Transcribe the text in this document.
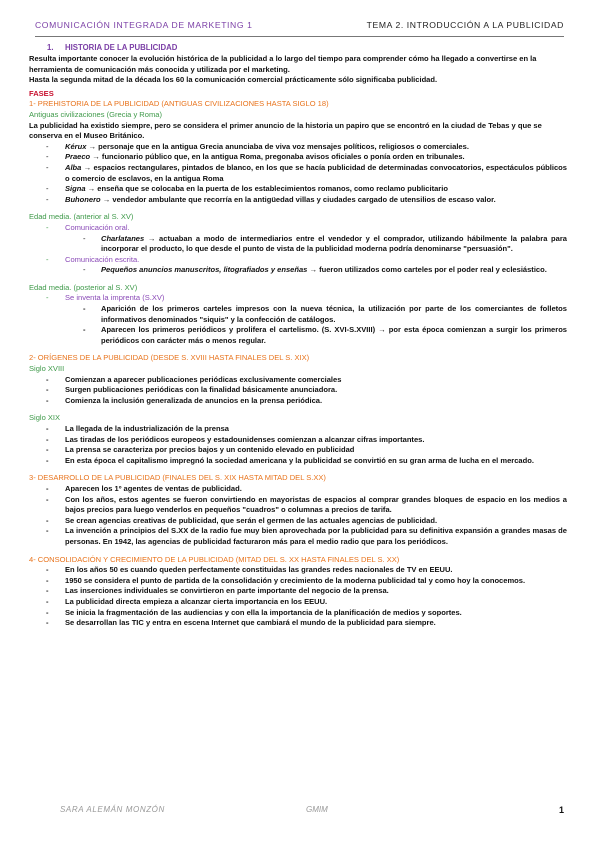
COMUNICACIÓN INTEGRADA DE MARKETING 1	TEMA 2. INTRODUCCIÓN A LA PUBLICIDAD
1. HISTORIA DE LA PUBLICIDAD

Resulta importante conocer la evolución histórica de la publicidad a lo largo del tiempo para comprender cómo ha llegado a convertirse en la herramienta de comunicación más conocida y utilizada por el marketing.

Hasta la segunda mitad de la década los 60 la comunicación comercial prácticamente sólo significaba publicidad.

FASES
1- PREHISTORIA DE LA PUBLICIDAD (ANTIGUAS CIVILIZACIONES HASTA SIGLO 18)
Antiguas civilizaciones (Grecia y Roma)

La publicidad ha existido siempre, pero se considera el primer anuncio de la historia un papiro que se encontró en la ciudad de Tebas y que se conserva en el Museo Británico.

- Kérux → personaje que en la antigua Grecia anunciaba de viva voz mensajes políticos, religiosos o comerciales.
- Praeco → funcionario público que, en la antigua Roma, pregonaba avisos oficiales o ponía orden en tribunales.
- Alba → espacios rectangulares, pintados de blanco, en los que se hacía publicidad de determinadas convocatorios, espectáculos públicos o comercio de esclavos, en la antigua Roma
- Signa → enseña que se colocaba en la puerta de los establecimientos romanos, como reclamo publicitario
- Buhonero → vendedor ambulante que recorría en la antigüedad villas y ciudades cargado de utensilios de escaso valor.
Edad media. (anterior al S. XV)
- Comunicación oral.
- Charlatanes → actuaban a modo de intermediarios entre el vendedor y el comprador, utilizando hábilmente la palabra para incorporar el producto, lo que desde el punto de vista de la publicidad moderna podría denominarse "persuasión".
- Comunicación escrita.
- Pequeños anuncios manuscritos, litografiados y enseñas → fueron utilizados como carteles por el poder real y eclesiástico.
Edad media. (posterior al S. XV)
- Se inventa la imprenta (S.XV)
- Aparición de los primeros carteles impresos con la nueva técnica, la utilización por parte de los comerciantes de folletos informativos denominados "siquis" y la confección de catálogos.
- Aparecen los primeros periódicos y prolifera el cartelismo. (S. XVI-S.XVIII) → por esta época comienzan a surgir los primeros periódicos con carácter más o menos regular.
2- ORÍGENES DE LA PUBLICIDAD (DESDE S. XVIII HASTA FINALES DEL S. XIX)
Siglo XVIII
- Comienzan a aparecer publicaciones periódicas exclusivamente comerciales
- Surgen publicaciones periódicas con la finalidad básicamente anunciadora.
- Comienza la inclusión generalizada de anuncios en la prensa periódica.
Siglo XIX
- La llegada de la industrialización de la prensa
- Las tiradas de los periódicos europeos y estadounidenses comienzan a alcanzar cifras importantes.
- La prensa se caracteriza por precios bajos y un contenido elevado en publicidad
- En esta época el capitalismo impregnó la sociedad americana y la publicidad se convirtió en su gran arma de lucha en el mercado.
3- DESARROLLO DE LA PUBLICIDAD (FINALES DEL S. XIX HASTA MITAD DEL S.XX)
- Aparecen los 1º agentes de ventas de publicidad.
- Con los años, estos agentes se fueron convirtiendo en mayoristas de espacios al comprar grandes bloques de espacio en los medios a bajos precios para luego venderlos en pequeños "cuadros" o columnas a precios de tarifa.
- Se crean agencias creativas de publicidad, que serán el germen de las actuales agencias de publicidad.
- La invención a principios del S.XX de la radio fue muy bien aprovechada por la publicidad para su definitiva expansión a grandes masas de personas. En 1942, las agencias de publicidad facturaron más para el medio radio que para los periódicos.
4- CONSOLIDACIÓN Y CRECIMIENTO DE LA PUBLICIDAD (MITAD DEL S. XX HASTA FINALES DEL S. XX)
- En los años 50 es cuando queden perfectamente constituidas las grandes redes nacionales de TV en EEUU.
- 1950 se considera el punto de partida de la consolidación y crecimiento de la moderna publicidad tal y como hoy la conocemos.
- Las inserciones individuales se convirtieron en parte importante del negocio de la prensa.
- La publicidad directa empieza a alcanzar cierta importancia en los EEUU.
- Se inicia la fragmentación de las audiencias y con ella la importancia de la planificación de medios y soportes.
- Se desarrollan las TIC y entra en escena Internet que cambiará el mundo de la publicidad para siempre.
SARA ALEMÁN MONZÓN	GMIM	1
